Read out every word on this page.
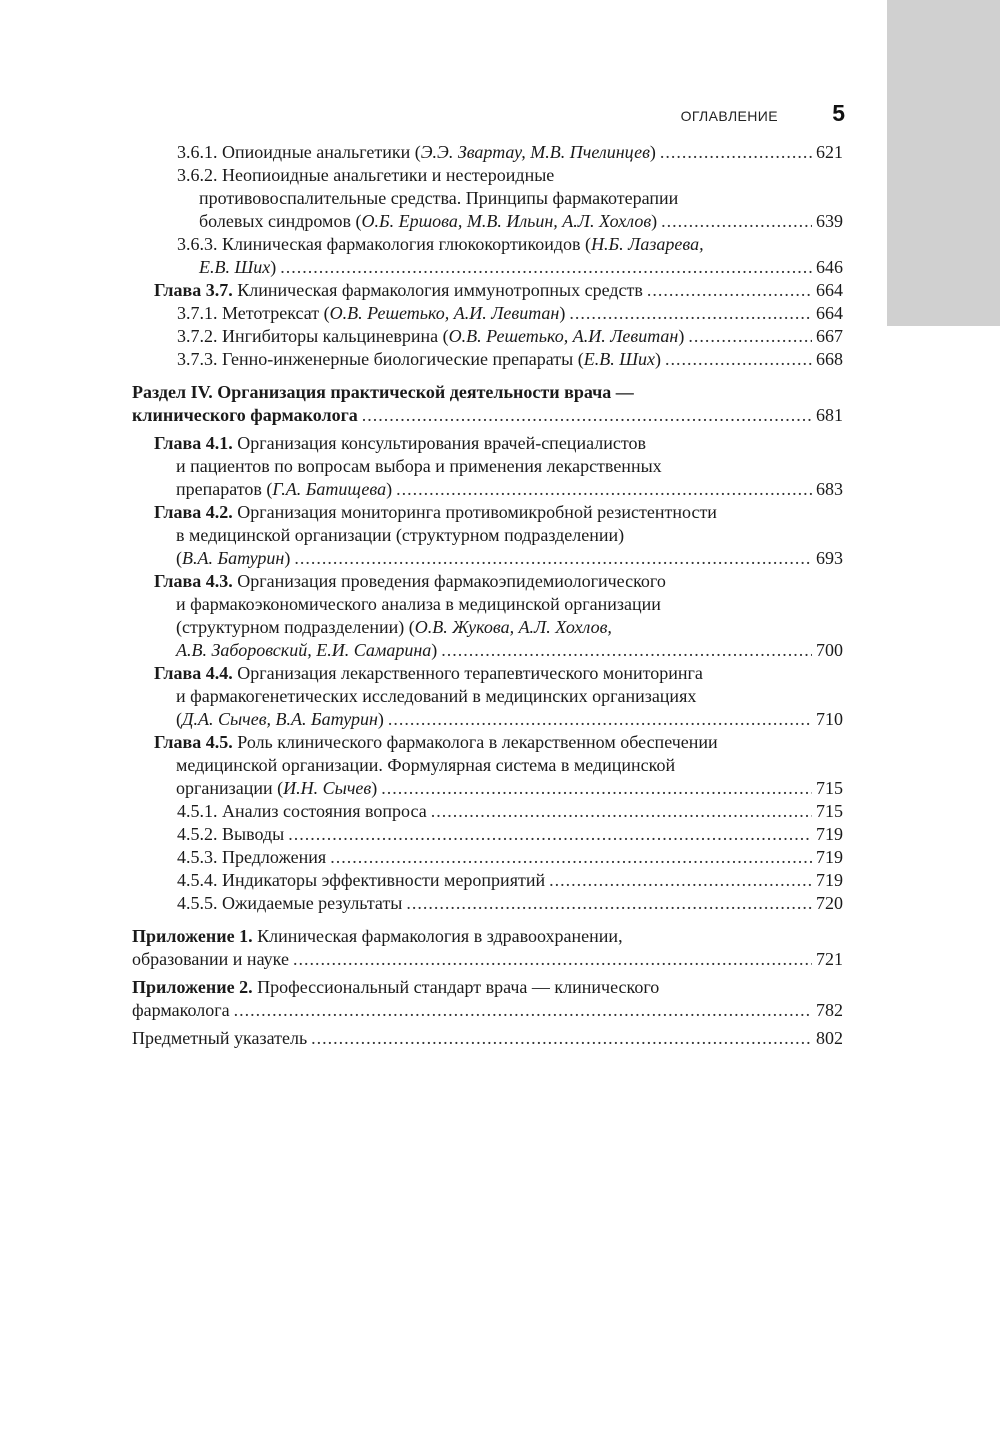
ОГЛАВЛЕНИЕ 5
3.6.1. Опиоидные анальгетики (Э.Э. Звартау, М.В. Пчелинцев) .....	621
3.6.2. Неопиоидные анальгетики и нестероидные
противовоспалительные средства. Принципы фармакотерапии
болевых синдромов (О.Б. Ершова, М.В. Ильин, А.Л. Хохлов) .....	639
3.6.3. Клиническая фармакология глюкокортикоидов (Н.Б. Лазарева,
Е.В. Ших) .....	646
Глава 3.7. Клиническая фармакология иммунотропных средств .....	664
3.7.1. Метотрексат (О.В. Решетько, А.И. Левитан) .....	664
3.7.2. Ингибиторы кальциневрина (О.В. Решетько, А.И. Левитан) .....	667
3.7.3. Генно-инженерные биологические препараты (Е.В. Ших) .....	668
Раздел IV. Организация практической деятельности врача —
клинического фармаколога .....	681
Глава 4.1. Организация консультирования врачей-специалистов
и пациентов по вопросам выбора и применения лекарственных
препаратов (Г.А. Батищева) .....	683
Глава 4.2. Организация мониторинга противомикробной резистентности
в медицинской организации (структурном подразделении)
(В.А. Батурин) .....	693
Глава 4.3. Организация проведения фармакоэпидемиологического
и фармакоэкономического анализа в медицинской организации
(структурном подразделении) (О.В. Жукова, А.Л. Хохлов,
А.В. Заборовский, Е.И. Самарина) .....	700
Глава 4.4. Организация лекарственного терапевтического мониторинга
и фармакогенетических исследований в медицинских организациях
(Д.А. Сычев, В.А. Батурин) .....	710
Глава 4.5. Роль клинического фармаколога в лекарственном обеспечении
медицинской организации. Формулярная система в медицинской
организации (И.Н. Сычев) .....	715
4.5.1. Анализ состояния вопроса .....	715
4.5.2. Выводы .....	719
4.5.3. Предложения .....	719
4.5.4. Индикаторы эффективности мероприятий .....	719
4.5.5. Ожидаемые результаты .....	720
Приложение 1. Клиническая фармакология в здравоохранении,
образовании и науке .....	721
Приложение 2. Профессиональный стандарт врача — клинического
фармаколога .....	782
Предметный указатель .....	802
